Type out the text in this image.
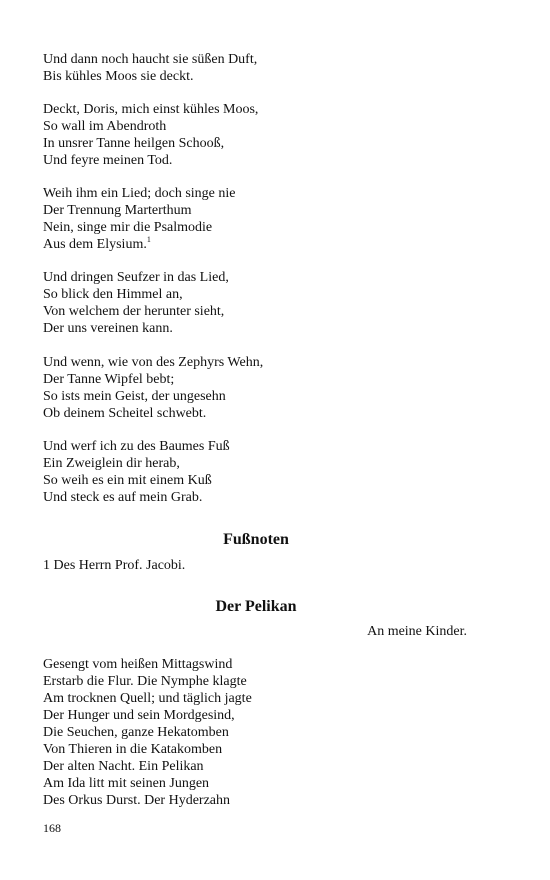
Und dann noch haucht sie süßen Duft,
Bis kühles Moos sie deckt.
Deckt, Doris, mich einst kühles Moos,
So wall im Abendroth
In unsrer Tanne heilgen Schooß,
Und feyre meinen Tod.
Weih ihm ein Lied; doch singe nie
Der Trennung Marterthum
Nein, singe mir die Psalmodie
Aus dem Elysium.$^1$
Und dringen Seufzer in das Lied,
So blick den Himmel an,
Von welchem der herunter sieht,
Der uns vereinen kann.
Und wenn, wie von des Zephyrs Wehn,
Der Tanne Wipfel bebt;
So ists mein Geist, der ungesehn
Ob deinem Scheitel schwebt.
Und werf ich zu des Baumes Fuß
Ein Zweiglein dir herab,
So weih es ein mit einem Kuß
Und steck es auf mein Grab.
Fußnoten
1 Des Herrn Prof. Jacobi.
Der Pelikan
An meine Kinder.
Gesengt vom heißen Mittagswind
Erstarb die Flur. Die Nymphe klagte
Am trocknen Quell; und täglich jagte
Der Hunger und sein Mordgesind,
Die Seuchen, ganze Hekatomben
Von Thieren in die Katakomben
Der alten Nacht. Ein Pelikan
Am Ida litt mit seinen Jungen
Des Orkus Durst. Der Hyderzahn
168
